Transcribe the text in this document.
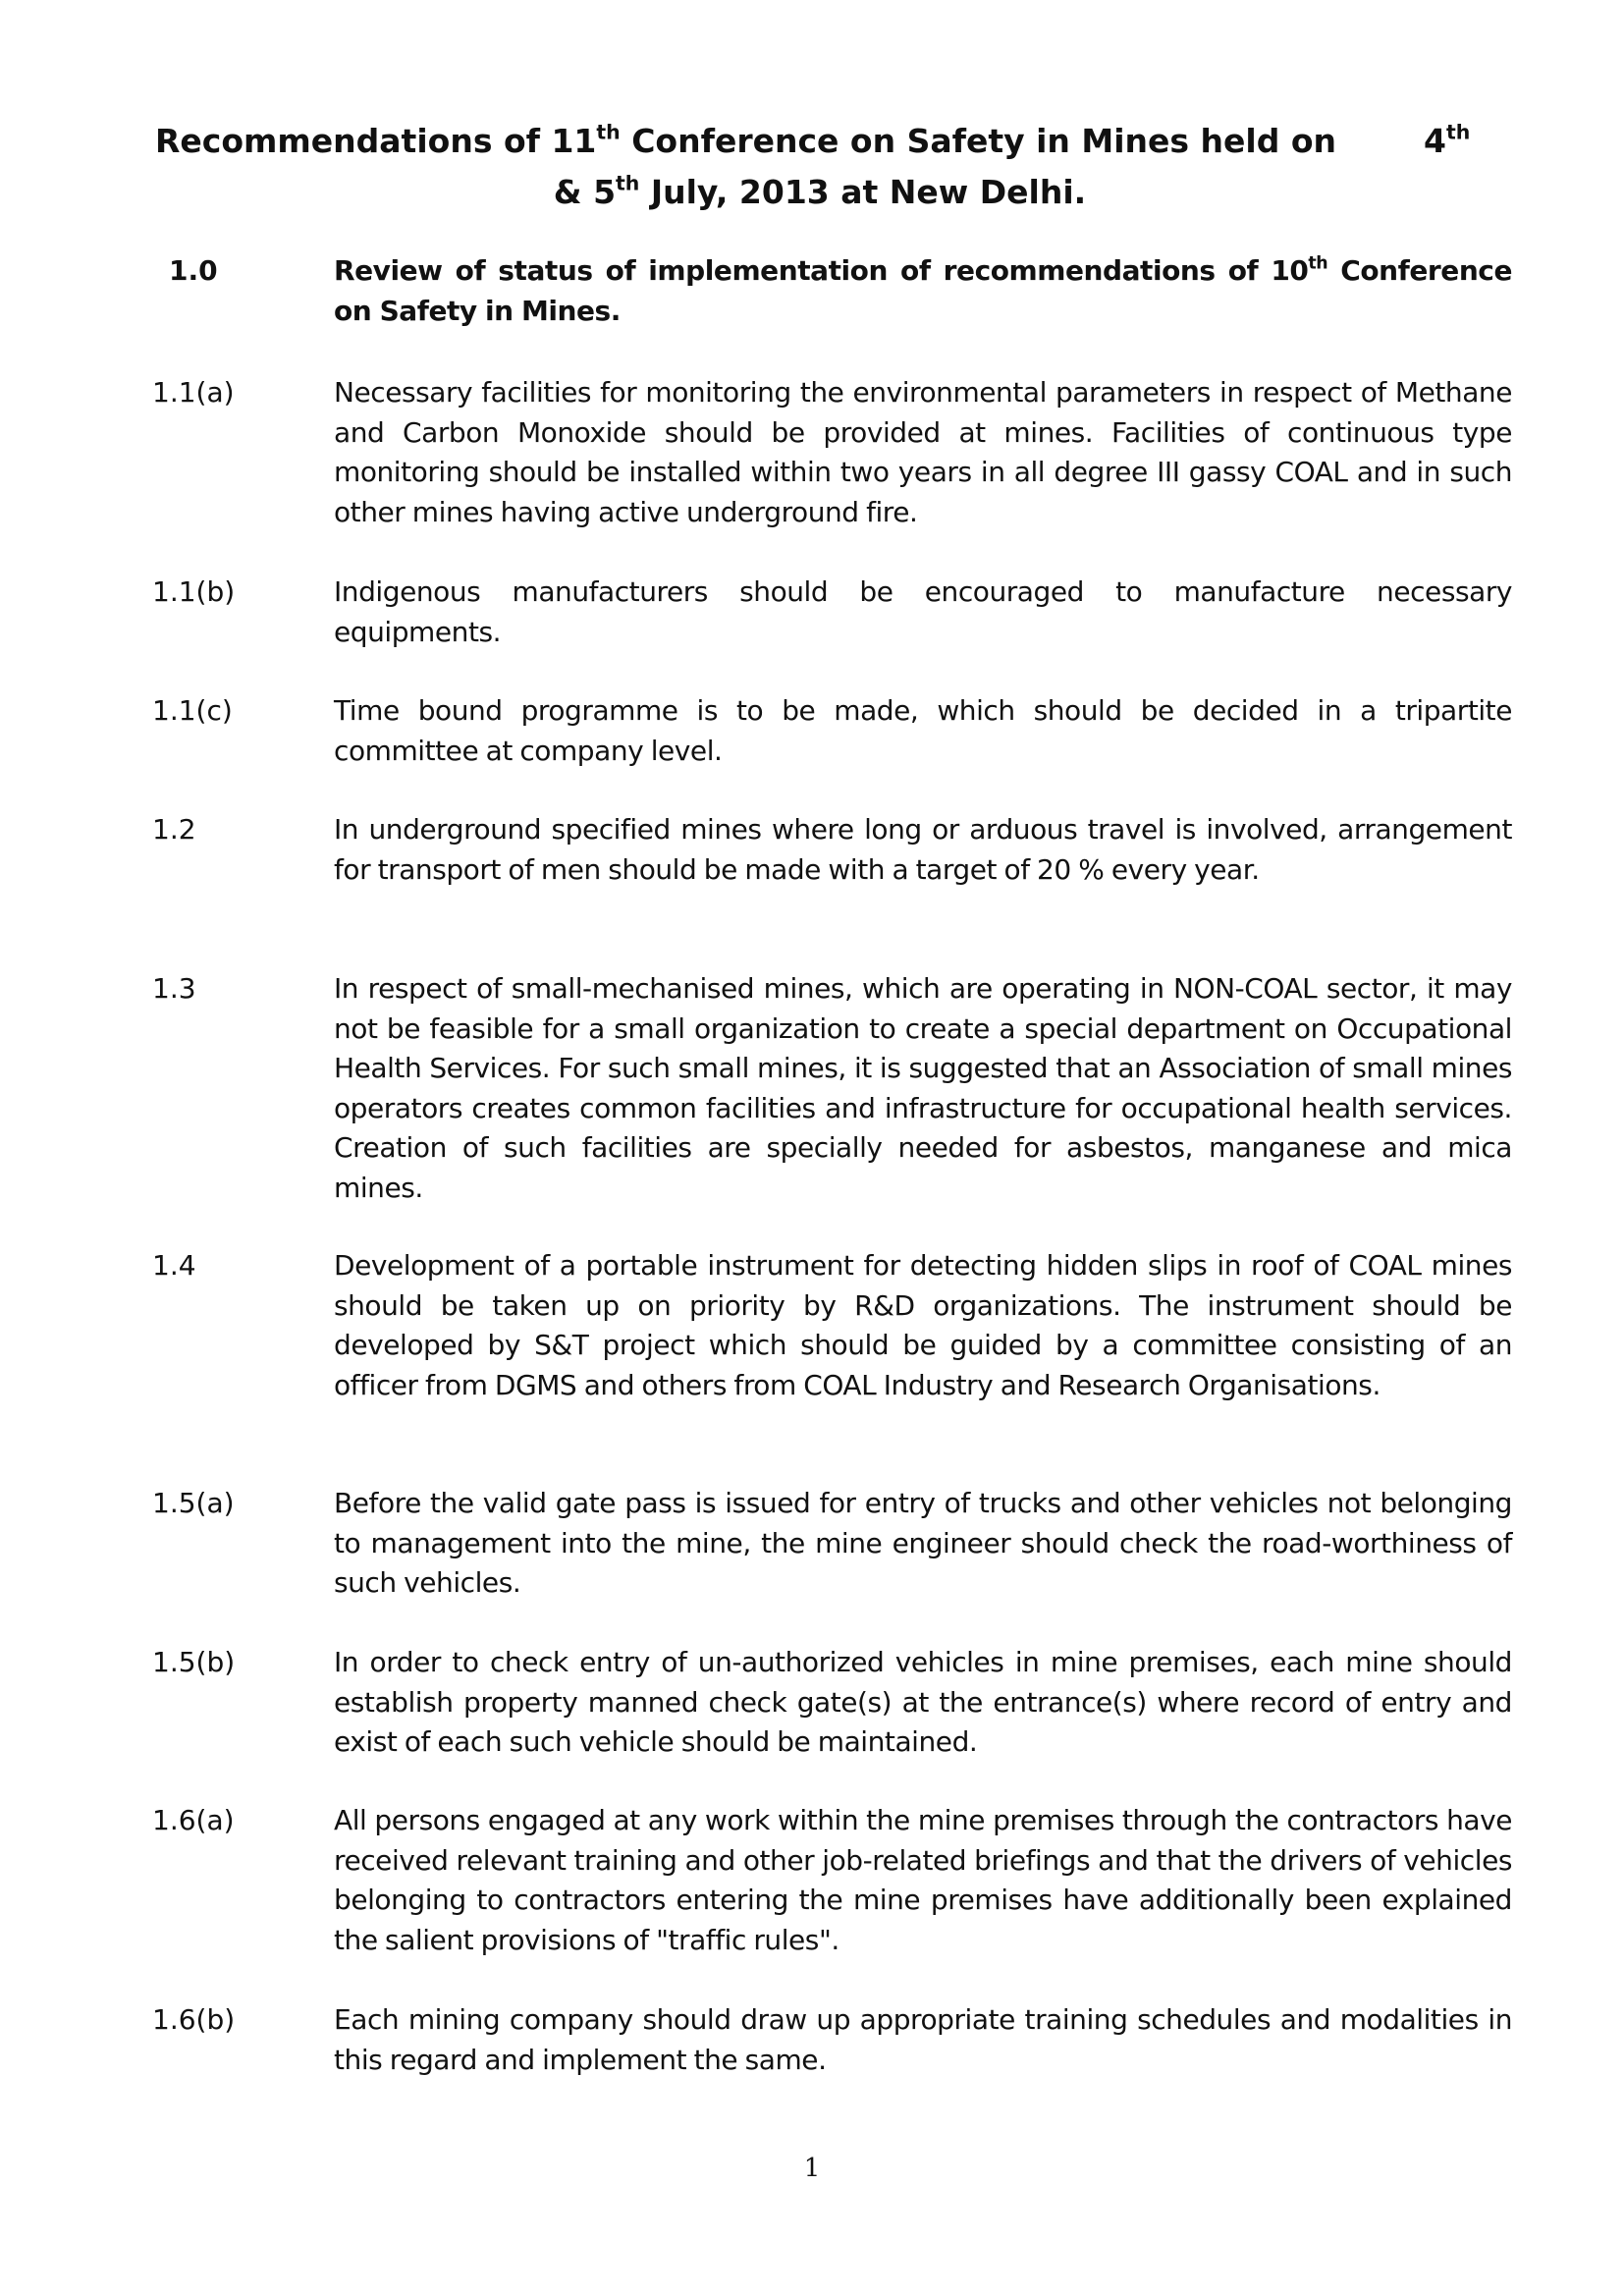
Recommendations of 11th Conference on Safety in Mines held on	4th
& 5th July, 2013 at New Delhi.
1.0	Review of status of implementation of recommendations of 10th Conference on Safety in Mines.
1.1(a)	Necessary facilities for monitoring the environmental parameters in respect of Methane and Carbon Monoxide should be provided at mines. Facilities of continuous type monitoring should be installed within two years in all degree III gassy COAL and in such other mines having active underground fire.
1.1(b)	Indigenous manufacturers should be encouraged to manufacture necessary equipments.
1.1(c)	Time bound programme is to be made, which should be decided in a tripartite committee at company level.
1.2	In underground specified mines where long or arduous travel is involved, arrangement for transport of men should be made with a target of 20 % every year.
1.3	In respect of small-mechanised mines, which are operating in NON-COAL sector, it may not be feasible for a small organization to create a special department on Occupational Health Services. For such small mines, it is suggested that an Association of small mines operators creates common facilities and infrastructure for occupational health services. Creation of such facilities are specially needed for asbestos, manganese and mica mines.
1.4	Development of a portable instrument for detecting hidden slips in roof of COAL mines should be taken up on priority by R&D organizations. The instrument should be developed by S&T project which should be guided by a committee consisting of an officer from DGMS and others from COAL Industry and Research Organisations.
1.5(a)	Before the valid gate pass is issued for entry of trucks and other vehicles not belonging to management into the mine, the mine engineer should check the road-worthiness of such vehicles.
1.5(b)	In order to check entry of un-authorized vehicles in mine premises, each mine should establish property manned check gate(s) at the entrance(s) where record of entry and exist of each such vehicle should be maintained.
1.6(a)	All persons engaged at any work within the mine premises through the contractors have received relevant training and other job-related briefings and that the drivers of vehicles belonging to contractors entering the mine premises have additionally been explained the salient provisions of "traffic rules".
1.6(b)	Each mining company should draw up appropriate training schedules and modalities in this regard and implement the same.
1
